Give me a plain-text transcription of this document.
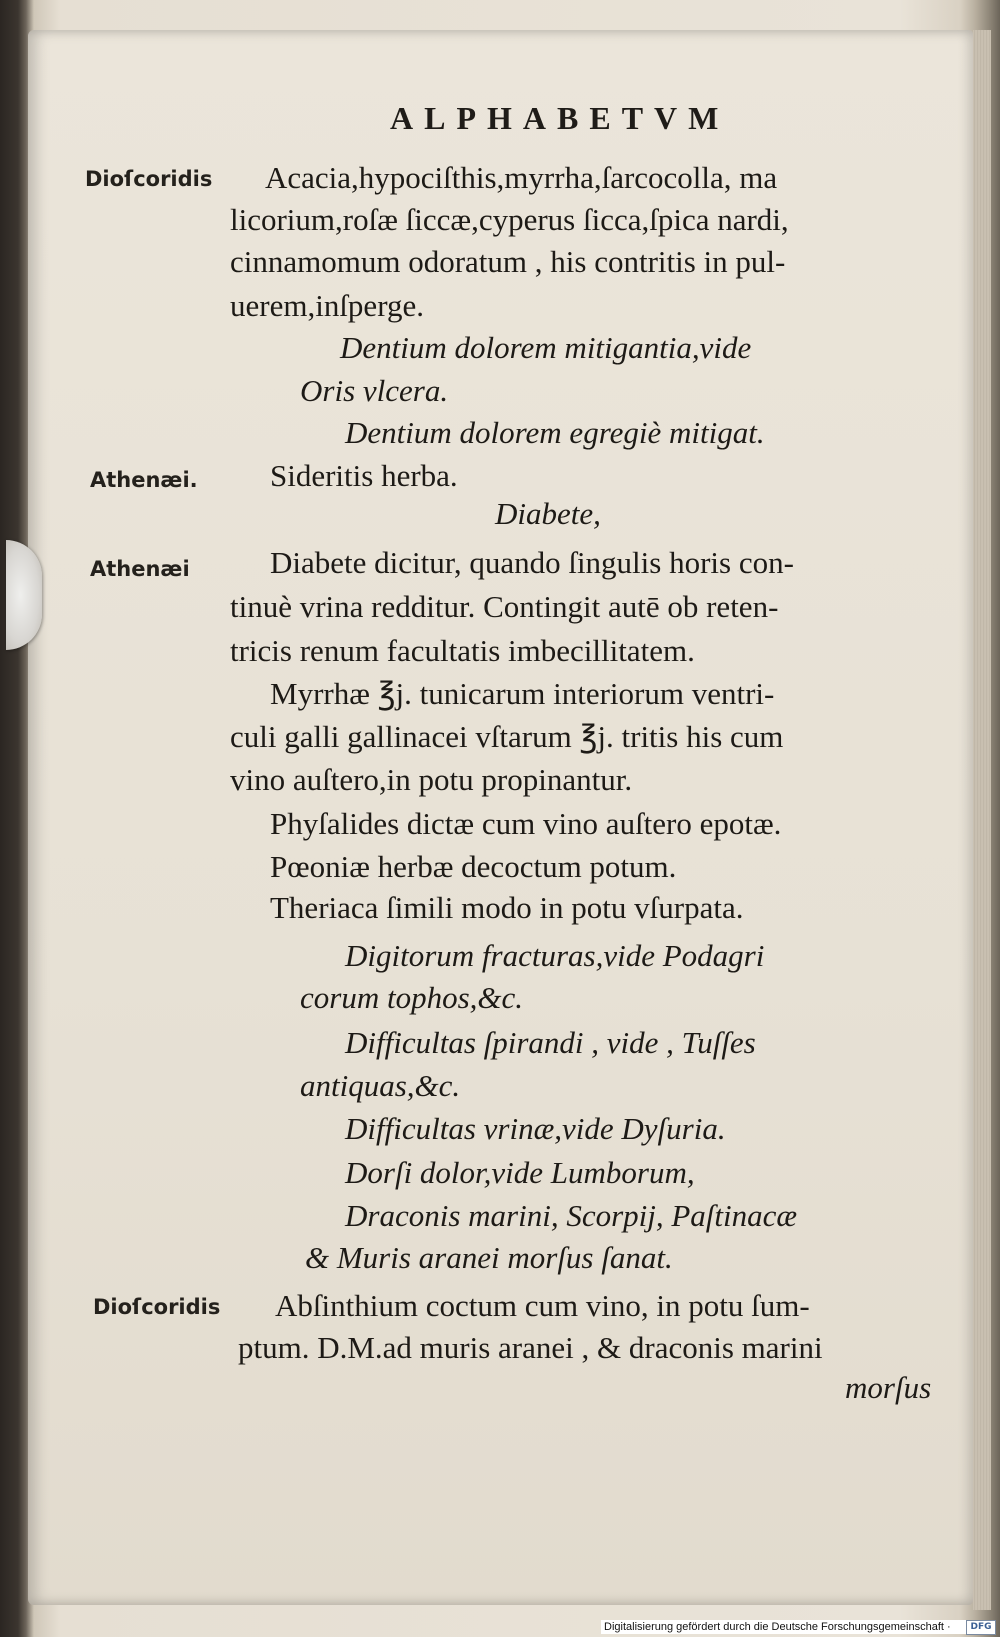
ALPHABETVM
Dioſcoridis
Athenæi.
Athenæi
Dioſcoridis
Acacia,hypociſthis,myrrha,ſarcocolla, ma
licorium,roſæ ſiccæ,cyperus ſicca,ſpica nardi,
cinnamomum odoratum , his contritis in pul-
uerem,inſperge.
Dentium dolorem mitigantia,vide
Oris vlcera.
Dentium dolorem egregiè mitigat.
Sideritis herba.
Diabete,
Diabete dicitur, quando ſingulis horis con-
tinuè vrina redditur. Contingit autē ob reten-
tricis renum facultatis imbecillitatem.
Myrrhæ ℥j. tunicarum interiorum ventri-
culi galli gallinacei vſtarum ℥j. tritis his cum
vino auſtero,in potu propinantur.
Phyſalides dictæ cum vino auſtero epotæ.
Pœoniæ herbæ decoctum potum.
Theriaca ſimili modo in potu vſurpata.
Digitorum fracturas,vide Podagri
corum tophos,&c.
Difficultas ſpirandi , vide , Tuſſes
antiquas,&c.
Difficultas vrinæ,vide Dyſuria.
Dorſi dolor,vide Lumborum,
Draconis marini, Scorpij, Paſtinacæ
& Muris aranei morſus ſanat.
Abſinthium coctum cum vino, in potu ſum-
ptum. D.M.ad muris aranei , & draconis marini
morſus
Digitalisierung gefördert durch die Deutsche Forschungsgemeinschaft ·	DFG
